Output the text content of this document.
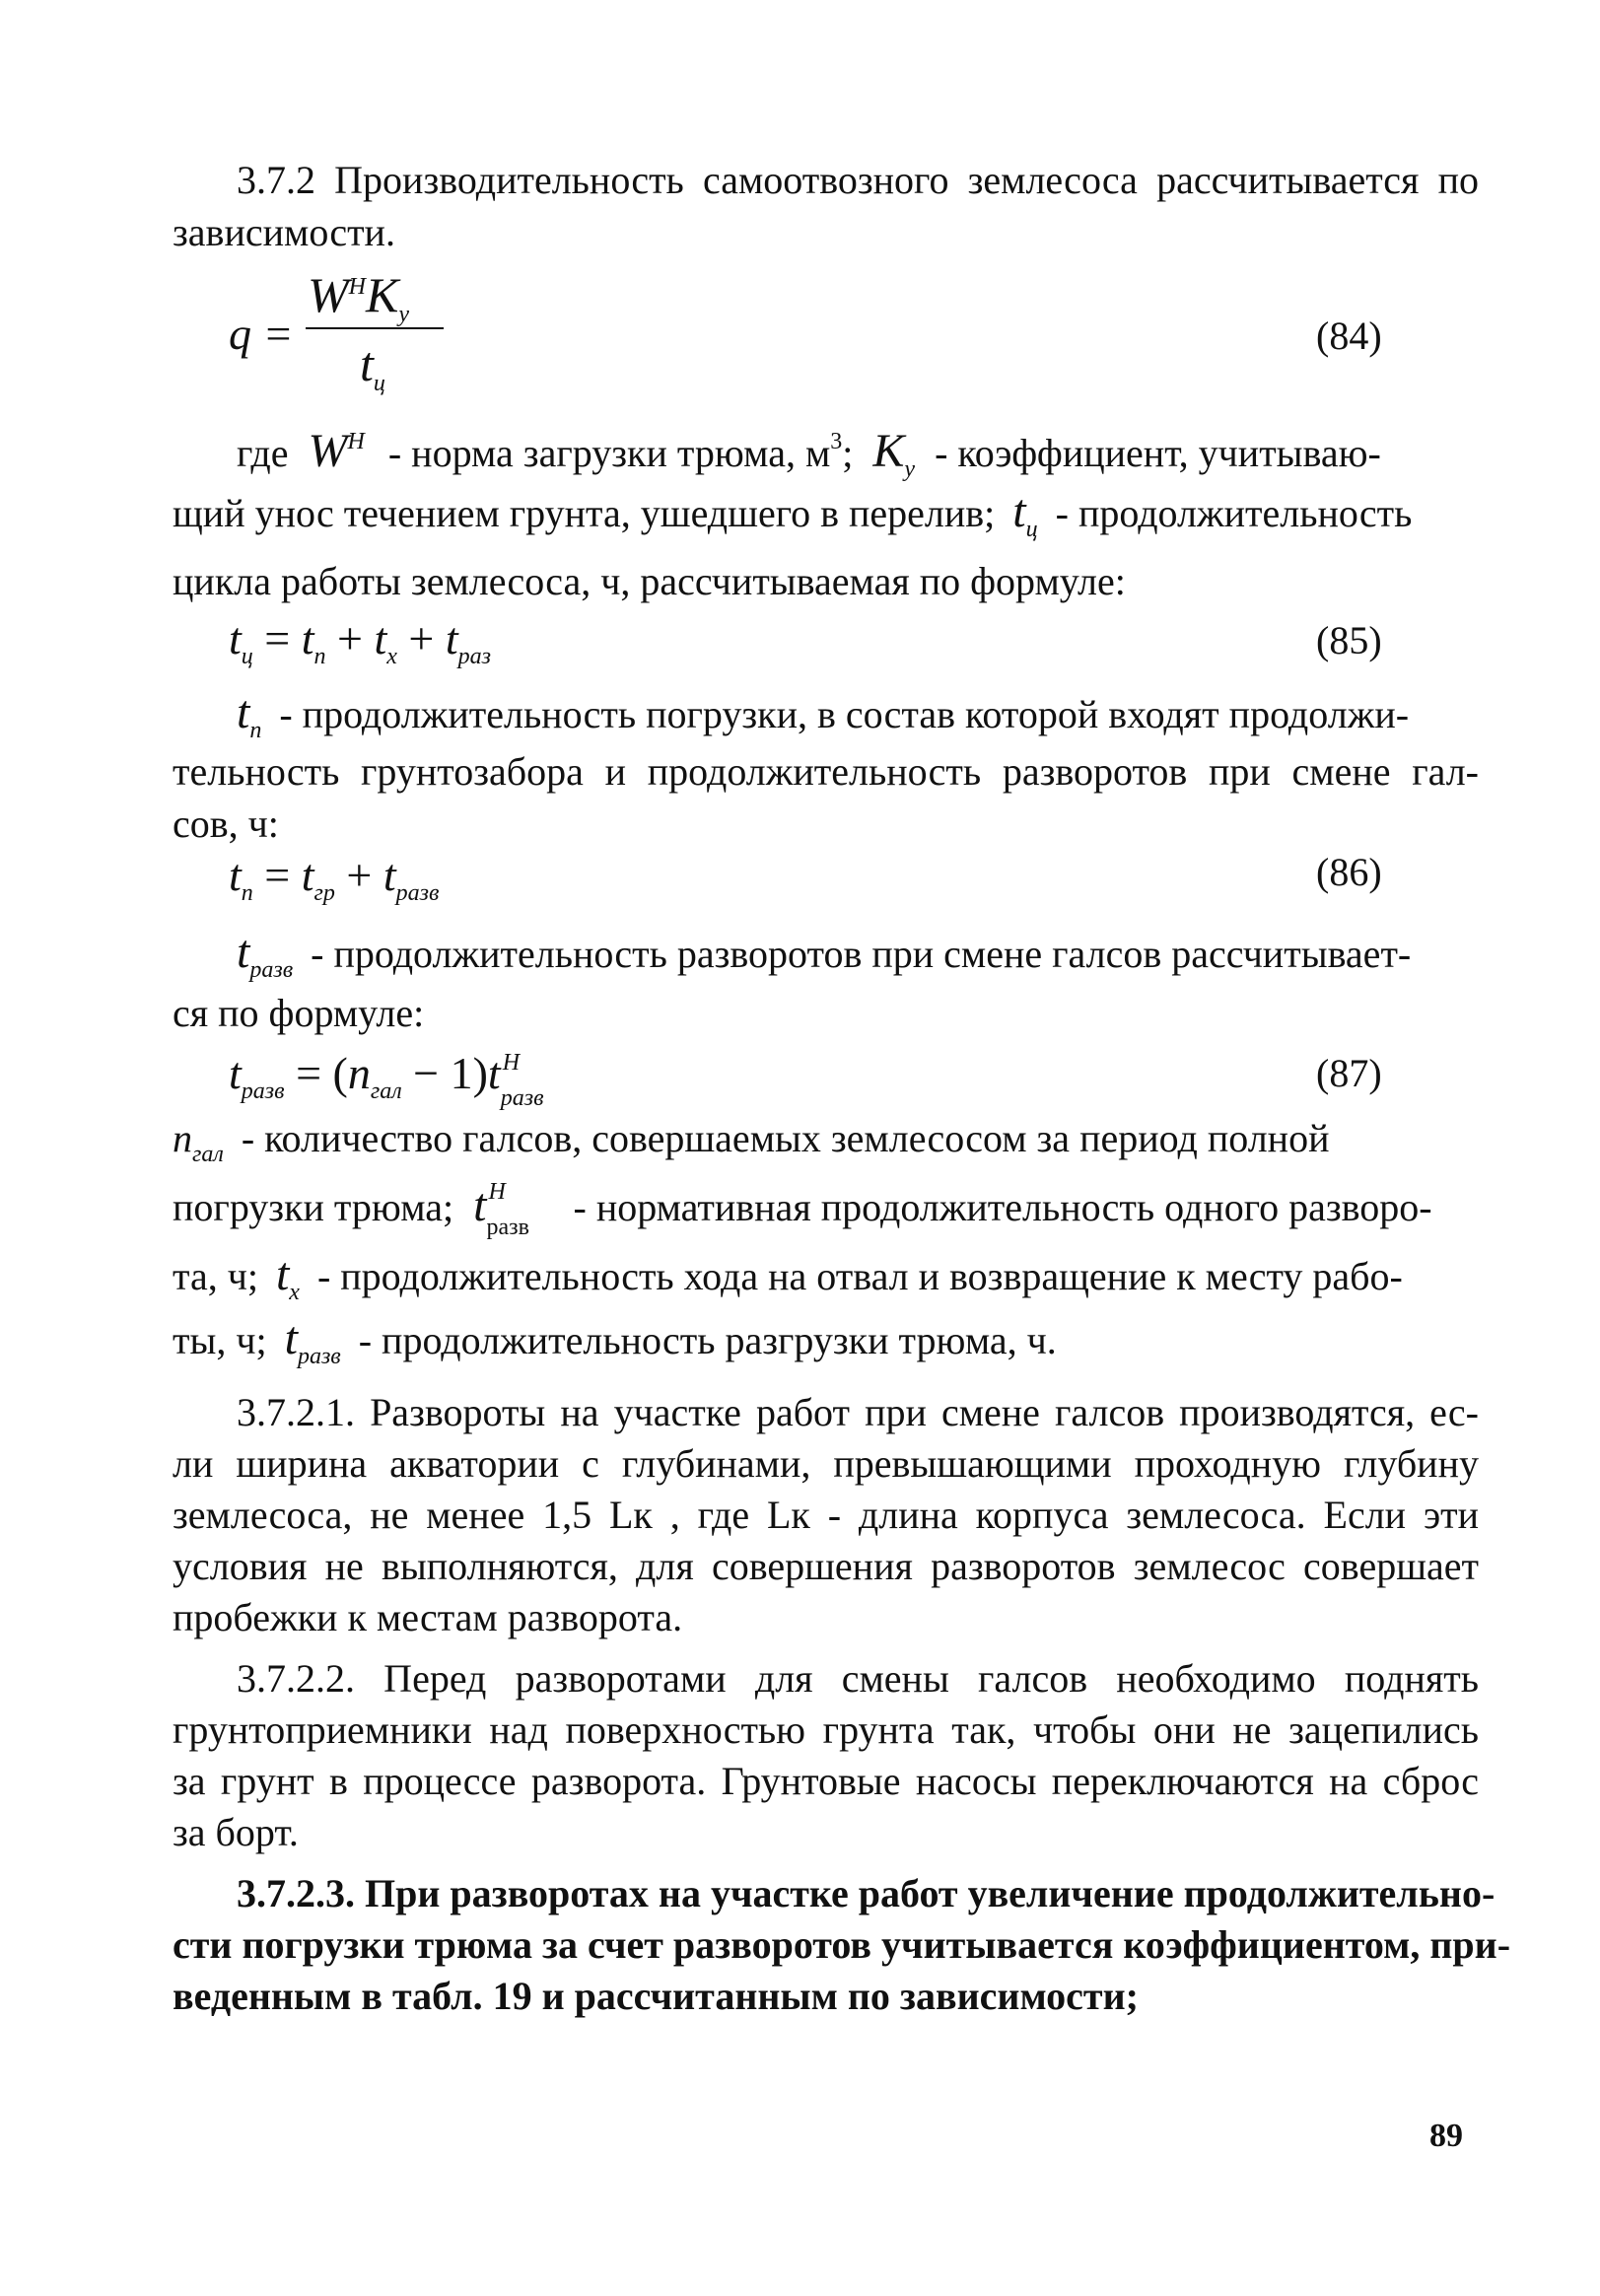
3.7.2 Производительность самоотвозного землесоса рассчитывается по
зависимости.
q =
$W^HK_y$
$t_ц$
(84)
где $W^H$ - норма загрузки трюма, $м^3$; $K_y$ - коэффициент, учитываю-
щий унос течением грунта, ушедшего в перелив; $t_ц$ - продолжительность
цикла работы землесоса, ч, рассчитываемая по формуле:
$t_ц = t_п + t_х + t_{раз}$	(85)
$t_п$ - продолжительность погрузки, в состав которой входят продолжи-
тельность грунтозабора и продолжительность разворотов при смене гал-
сов, ч:
$t_п = t_{гр} + t_{разв}$	(86)
$t_{разв}$ - продолжительность разворотов при смене галсов рассчитывает-
ся по формуле:
$t_{разв} = (n_{гал} - 1)t$ H
разв
(87)
$n_{гал}$ - количество галсов, совершаемых землесосом за период полной
погрузки трюма; t H
разв - нормативная продолжительность одного разворо-
та, ч; $t_x$ - продолжительность хода на отвал и возвращение к месту рабо-
ты, ч; $t_{разв}$ - продолжительность разгрузки трюма, ч.
3.7.2.1. Развороты на участке работ при смене галсов производятся, ес-
ли ширина акватории с глубинами, превышающими проходную глубину
землесоса, не менее 1,5 Lк , где Lк - длина корпуса землесоса. Если эти
условия не выполняются, для совершения разворотов землесос совершает
пробежки к местам разворота.
3.7.2.2. Перед разворотами для смены галсов необходимо поднять
грунтоприемники над поверхностью грунта так, чтобы они не зацепились
за грунт в процессе разворота. Грунтовые насосы переключаются на сброс
за борт.
3.7.2.3. При разворотах на участке работ увеличение продолжительно-
сти погрузки трюма за счет разворотов учитывается коэффициентом, при-
веденным в табл. 19 и рассчитанным по зависимости;
89
